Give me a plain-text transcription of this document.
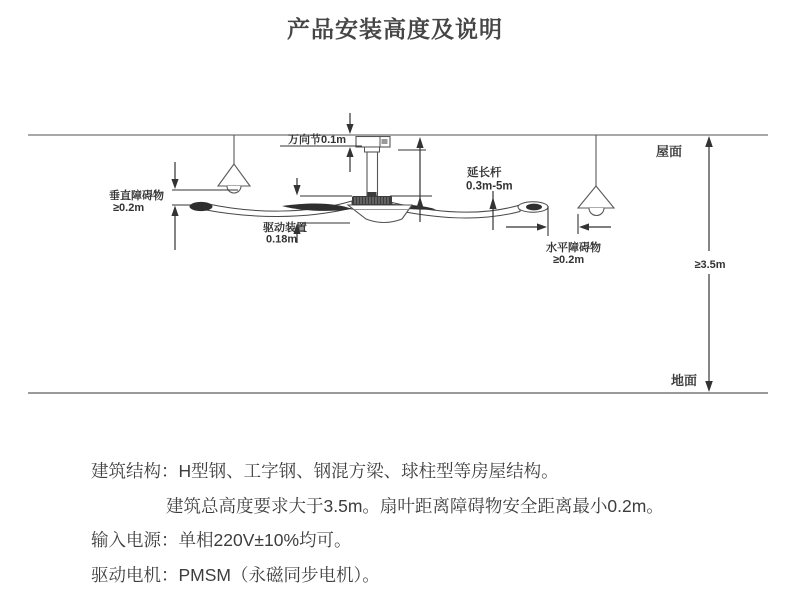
产品安装高度及说明
屋面
地面
≥3.5m
万向节0.1m
延长杆
0.3m-5m
垂直障碍物
≥0.2m
驱动装置
0.18m
水平障碍物
≥0.2m
建筑结构： H型钢、工字钢、钢混方梁、球柱型等房屋结构。
建筑总高度要求大于3.5m。扇叶距离障碍物安全距离最小0.2m。
输入电源： 单相220V±10%均可。
驱动电机： PMSM（永磁同步电机）。
